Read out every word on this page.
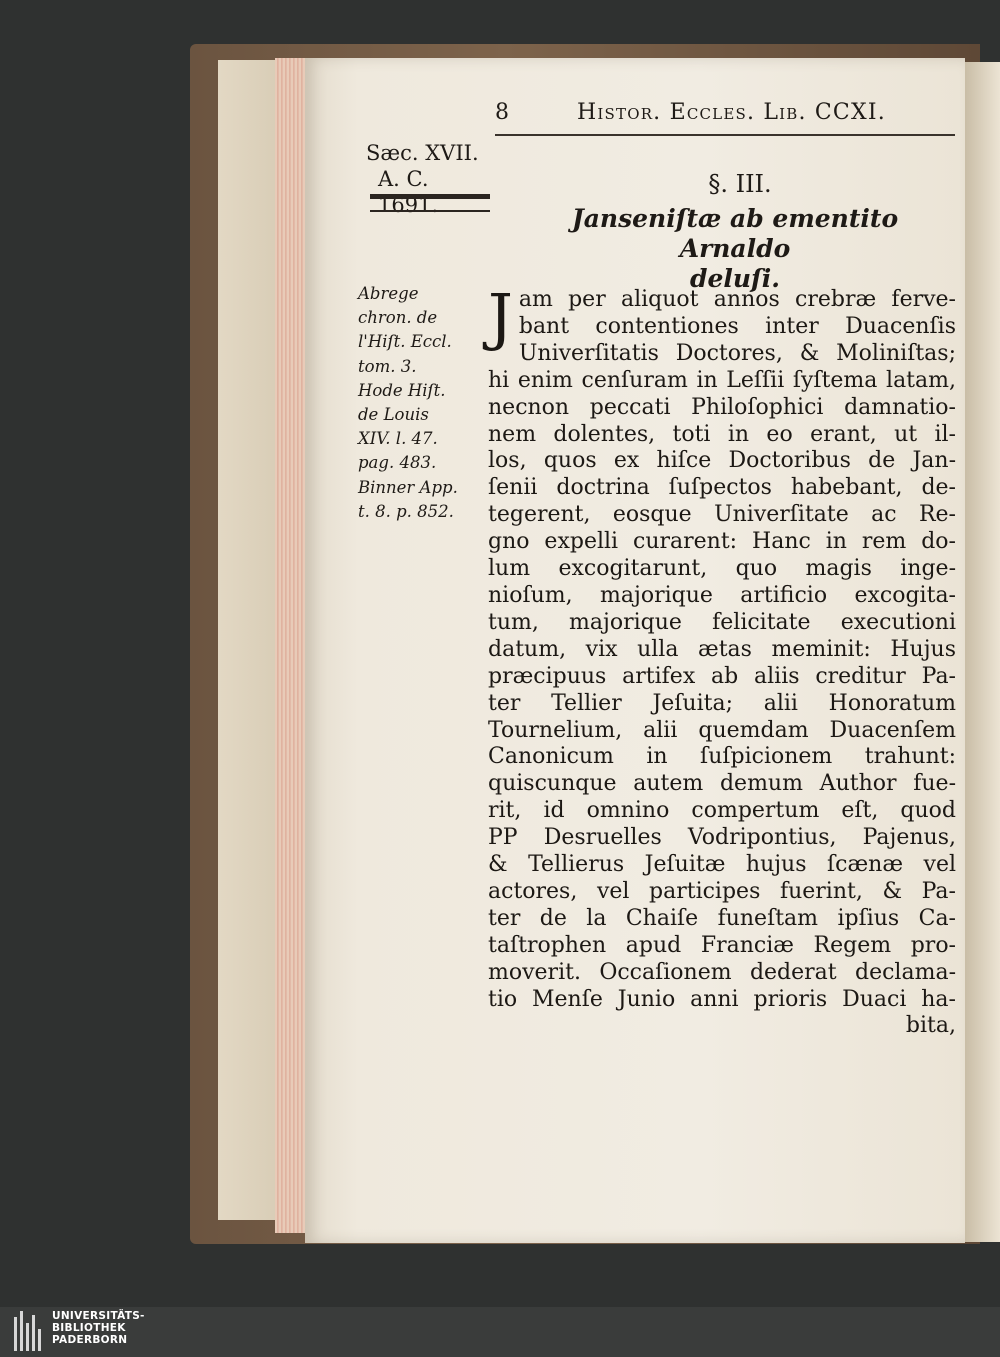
8	Histor. Eccles. Lib. CCXI.
Sæc. XVII.
A. C. 1691.
§. III.
Janseniſtæ ab ementito Arnaldo
deluſi.
Abrege
chron. de
l'Hiſt. Eccl.
tom. 3.
Hode Hiſt.
de Louis
XIV. l. 47.
pag. 483.
Binner App.
t. 8. p. 852.
J am per aliquot annos crebræ ferve-
bant contentiones inter Duacenſis
Univerſitatis Doctores, & Moliniſtas;
hi enim cenſuram in Leſſii ſyſtema latam,
necnon peccati Philoſophici damnatio-
nem dolentes, toti in eo erant, ut il-
los, quos ex hiſce Doctoribus de Jan-
ſenii doctrina ſuſpectos habebant, de-
tegerent, eosque Univerſitate ac Re-
gno expelli curarent: Hanc in rem do-
lum excogitarunt, quo magis inge-
nioſum, majorique artificio excogita-
tum, majorique felicitate executioni
datum, vix ulla ætas meminit: Hujus
præcipuus artifex ab aliis creditur Pa-
ter Tellier Jeſuita; alii Honoratum
Tournelium, alii quemdam Duacenſem
Canonicum in ſuſpicionem trahunt:
quiscunque autem demum Author fue-
rit, id omnino compertum eſt, quod
PP Desruelles Vodripontius, Pajenus,
& Tellierus Jeſuitæ hujus ſcænæ vel
actores, vel participes fuerint, & Pa-
ter de la Chaiſe funeſtam ipſius Ca-
taſtrophen apud Franciæ Regem pro-
moverit. Occaſionem dederat declama-
tio Menſe Junio anni prioris Duaci ha-
bita,
UNIVERSITÄTS-
BIBLIOTHEK
PADERBORN
